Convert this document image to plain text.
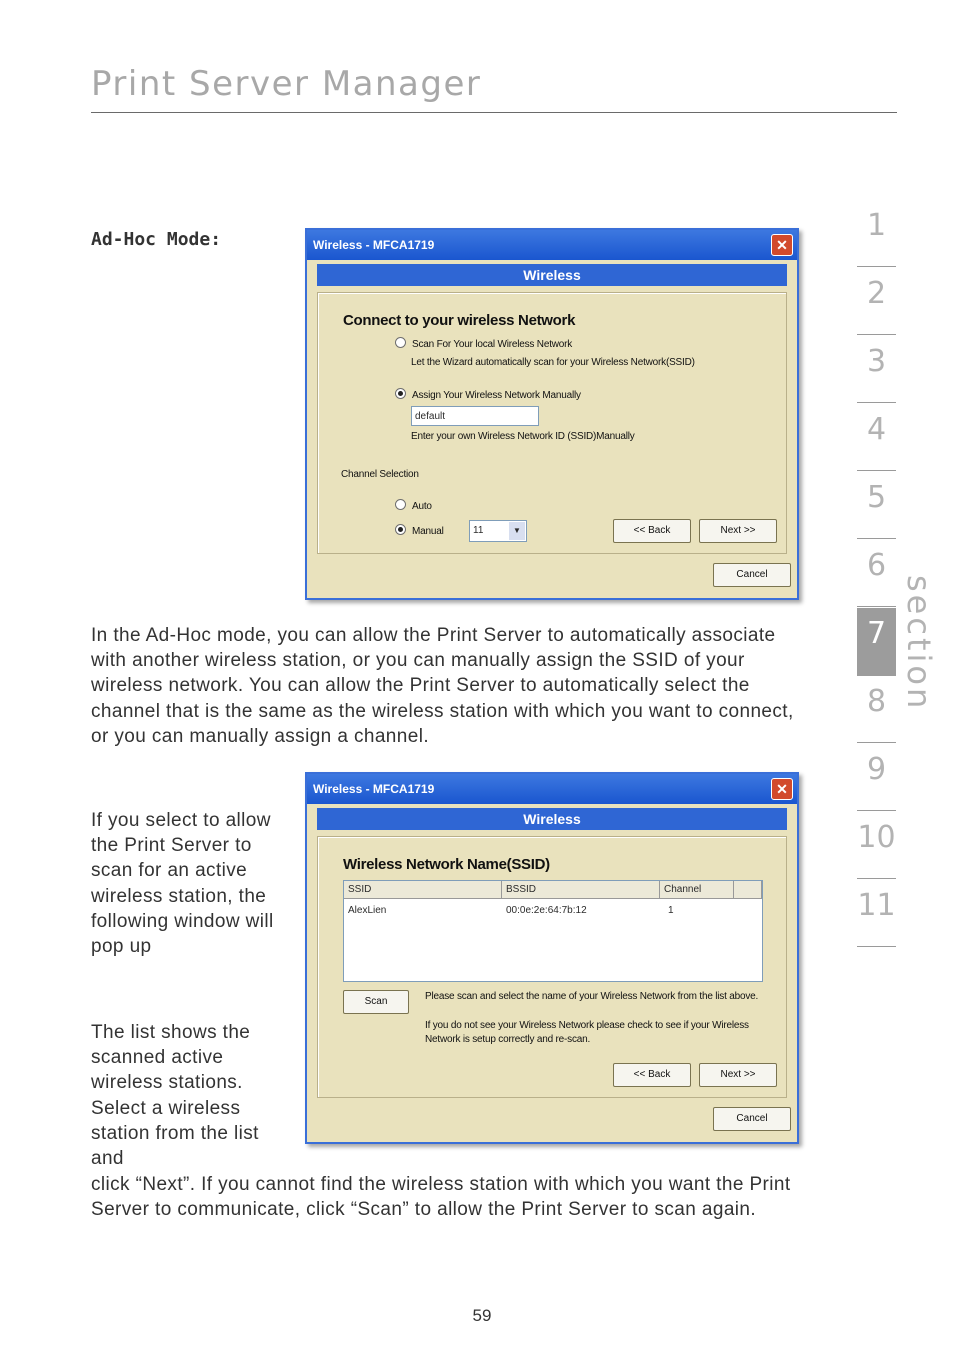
Print Server Manager
Ad-Hoc Mode:	Wireless - MFCA1719	✕
Wireless
Connect to your wireless Network
Scan For Your local Wireless Network
Let the Wizard automatically scan for your Wireless Network(SSID)
Assign Your Wireless Network Manually
default
Enter your own Wireless Network ID (SSID)Manually
Channel Selection
Auto
Manual	11	▼	<< Back	Next >>
Cancel

In the Ad-Hoc mode, you can allow the Print Server to automatically associate with another wireless station, or you can manually assign the SSID of your wireless network. You can allow the Print Server to automatically select the channel that is the same as the wireless station with which you want to connect, or you can manually assign a channel.

Wireless - MFCA1719	✕
Wireless
Wireless Network Name(SSID)
SSID	BSSID	Channel
AlexLien	00:0e:2e:64:7b:12	1
Scan	Please scan and select the name of your Wireless Network from the list above.
If you do not see your Wireless Network please check to see if your Wireless Network is setup correctly and re-scan.
<< Back	Next >>
Cancel

If you select to allow the Print Server to scan for an active wireless station, the following window will pop up

The list shows the scanned active wireless stations. Select a wireless station from the list and

click “Next”. If you cannot find the wireless station with which you want the Print Server to communicate, click “Scan” to allow the Print Server to scan again.

1
2
3
4
5
6
7
8
9
10
11
section
59
